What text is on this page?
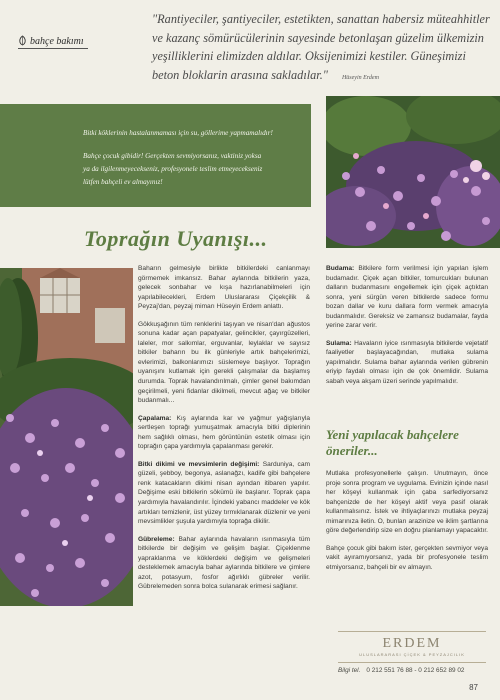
bahçe bakımı

"Rantiyeciler, şantiyeciler, estetikten, sanattan habersiz müteahhitler ve kazanç sömürücülerinin sayesinde betonlaşan güzelim ülkemizin yeşilliklerini elimizden aldılar. Oksijenimizi kestiler. Güneşimizi beton bloklarin arasına sakladılar." Hüseyin Erdem

Bitki köklerinin hastalanmaması için su, göllerime yapmamalıdır!

Bahçe çocuk gibidir! Gerçekten sevmiyorsanız, vaktiniz yoksa

ya da ilgilenmeyecekseniz, profesyonele teslim etmeyecekseniz

lütfen bahçeli ev almayınız!

Toprağın Uyanışı...

Baharın gelmesiyle birlikte bitkilerdeki canlanmayı görmemek imkansız. Bahar aylarında bitkilerin yaza, gelecek sonbahar ve kışa hazırlanabilmeleri için yapılabilecekleri, Erdem Uluslararası Çiçekçilik & Peyzaj'dan, peyzaj mimarı Hüseyin Erdem anlattı.

Gökkuşağının tüm renklerini taşıyan ve nisan'dan ağustos sonuna kadar açan papatyalar, gelincikler, çayırgüzelleri, laleler, mor salkımlar, erguvanlar, leylaklar ve sayısız bitkiler baharın bu ilk günleriyle artık bahçelerimizi, evlerimizi, balkonlarımızı süslemeye başlıyor. Toprağın uyanışını kutlamak için gerekli çalışmalar da başlamış durumda. Toprak havalandırılmalı, çimler genel bakımdan geçirilmeli, yeni fidanlar dikilmeli, mevcut ağaç ve bitkiler budanmalı...

Çapalama: Kış aylarında kar ve yağmur yağışlarıyla sertleşen toprağı yumuşatmak amacıyla bitki diplerinin hem sağlıklı olması, hem görüntünün estetik olması için toprağın çapa yardımıyla çapalanması gerekir.

Bitki dikimi ve mevsimlerin değişimi: Sarduniya, cam güzeli, şebboy, begonya, aslanağzı, kadife gibi bahçelere renk katacakların dikimi nisan ayından itibaren yapılır. Değişime eski bitkilerin sökümü ile başlanır. Toprak çapa yardımıyla havalandırılır. İçindeki yabancı maddeler ve kök artıkları temizlenir, üst yüzey tırmıklanarak düzlenir ve yeni mevsimlikler şuşula yardımıyla toprağa dikilir.

Gübreleme: Bahar aylarında havaların ısınmasıyla tüm bitkilerde bir değişim ve gelişim başlar. Çiçeklenme yapraklanma ve köklerdeki değişim ve gelişmeleri desteklemek amacıyla bahar aylarında bitkilere ve çimlere azot, potasyum, fosfor ağırlıklı gübreler verilir. Gübrelemeden sonra bolca sulanarak erimesi sağlanır.

Budama: Bitkilere form verilmesi için yapılan işlem budamadır. Çiçek açan bitkiler, tomurcukları bulunan dalların budanmasını engellemek için çiçek açtıktan sonra, yeni sürgün veren bitkilerde sadece formu bozan dallar ve kuru dallara form vermek amacıyla budanmalıdır. Gereksiz ve zamansız budamalar, fayda yerine zarar verir.

Sulama: Havaların iyice ısınmasıyla bitkilerde vejetatif faaliyetler başlayacağından, mutlaka sulama yapılmalıdır. Sulama bahar aylarında verilen gübrenin eriyip faydalı olması için de çok önemlidir. Sulama sabah veya akşam üzeri serinde yapılmalıdır.

Yeni yapılacak bahçelere öneriler...

Mutlaka profesyonellerle çalışın. Unutmayın, önce proje sonra program ve uygulama. Evinizin içinde nasıl her köşeyi kullanmak için çaba sarfediyorsanız bahçenizde de her köşeyi aktif veya pasif olarak kullanmalısınız. İstek ve ihtiyaçlarınızı mutlaka peyzaj mimarınıza iletin. O, bunları arazinize ve iklim şartlarına göre değerlendirip size en doğru planlamayı yapacaktır.

Bahçe çocuk gibi bakım ister, gerçekten sevmiyor veya vakit ayıramıyorsanız, yada bir profesyonele teslim etmiyorsanız, bahçeli bir ev almayın.

ERDEM
ULUSLARARASI ÇİÇEK & PEYZAJCILIK
Bilgi tel. 0 212 551 76 88 - 0 212 652 89 02
87
